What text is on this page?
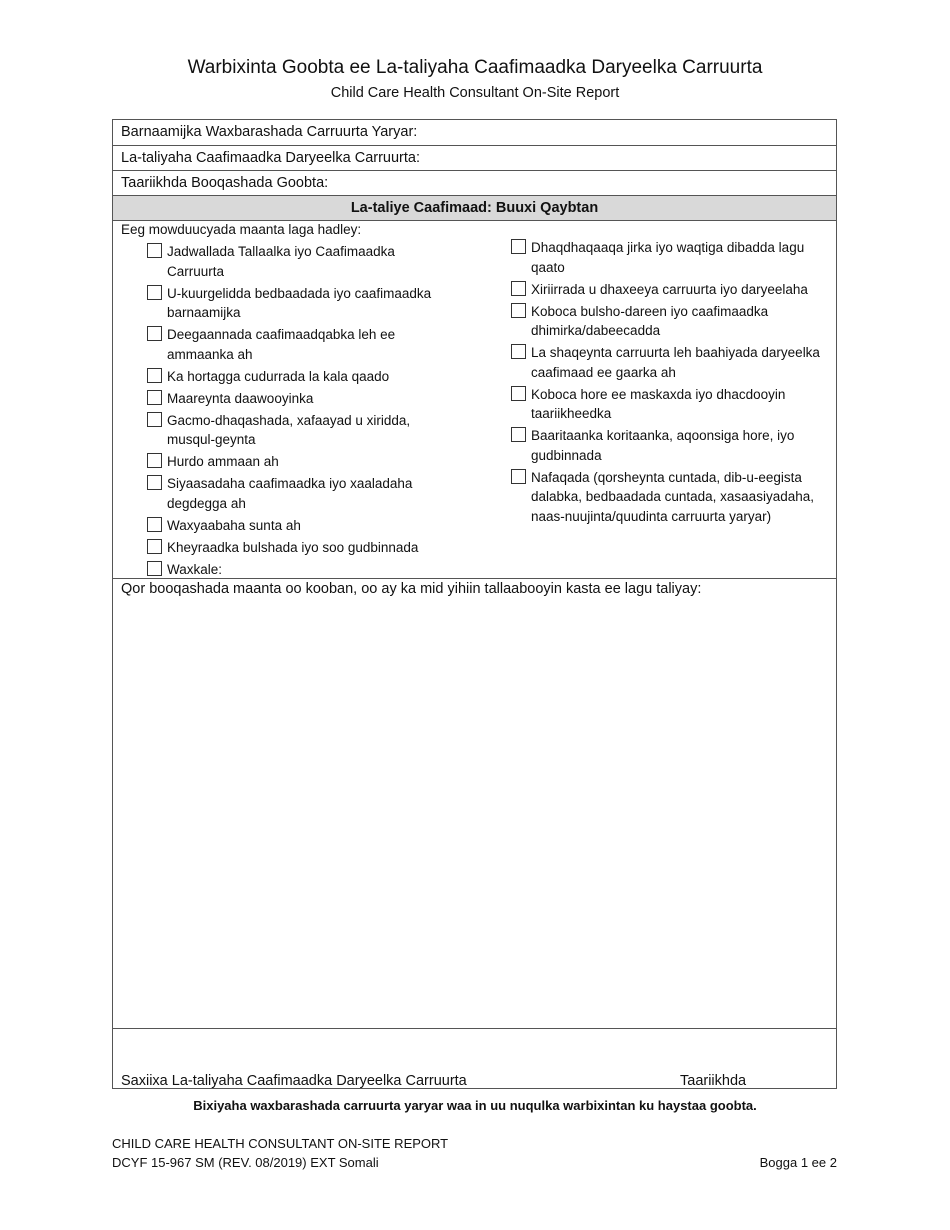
Warbixinta Goobta ee La-taliyaha Caafimaadka Daryeelka Carruurta
Child Care Health Consultant On-Site Report
Barnaamijka Waxbarashada Carruurta Yaryar:
La-taliyaha Caafimaadka Daryeelka Carruurta:
Taariikhda Booqashada Goobta:
La-taliye Caafimaad: Buuxi Qaybtan
Eeg mowduucyada maanta laga hadley:
Jadwallada Tallaalka iyo Caafimaadka Carruurta
U-kuurgelidda bedbaadada iyo caafimaadka barnaamijka
Deegaannada caafimaadqabka leh ee ammaanka ah
Ka hortagga cudurrada la kala qaado
Maareynta daawooyinka
Gacmo-dhaqashada, xafaayad u xiridda, musqul-geynta
Hurdo ammaan ah
Siyaasadaha caafimaadka iyo xaaladaha degdegga ah
Waxyaabaha sunta ah
Kheyraadka bulshada iyo soo gudbinnada
Waxkale:
Dhaqdhaqaaqa jirka iyo waqtiga dibadda lagu qaato
Xiriirrada u dhaxeeya carruurta iyo daryeelaha
Koboca bulsho-dareen iyo caafimaadka dhimirka/dabeecadda
La shaqeynta carruurta leh baahiyada daryeelka caafimaad ee gaarka ah
Koboca hore ee maskaxda iyo dhacdooyin taariikheedka
Baaritaanka koritaanka, aqoonsiga hore, iyo gudbinnada
Nafaqada (qorsheynta cuntada, dib-u-eegista dalabka, bedbaadada cuntada, xasaasiyadaha, naas-nuujinta/quudinta carruurta yaryar)
Qor booqashada maanta oo kooban, oo ay ka mid yihiin tallaabooyin kasta ee lagu taliyay:
Saxiixa La-taliyaha Caafimaadka Daryeelka Carruurta	Taariikhda
Bixiyaha waxbarashada carruurta yaryar waa in uu nuqulka warbixintan ku haystaa goobta.
CHILD CARE HEALTH CONSULTANT ON-SITE REPORT
DCYF 15-967 SM (REV. 08/2019) EXT Somali	Bogga 1 ee 2
